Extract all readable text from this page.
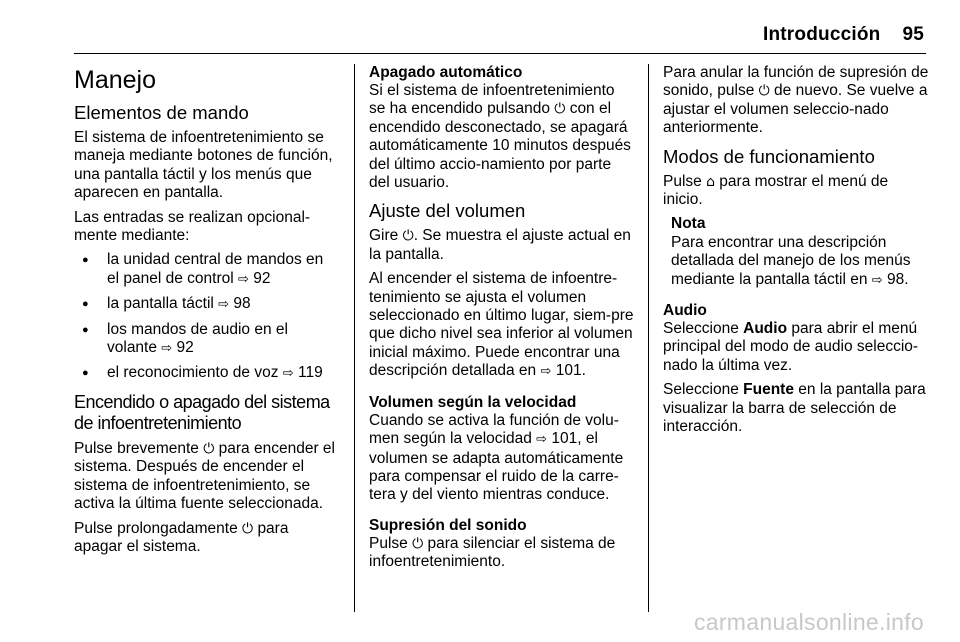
Introducción 95
Manejo
Elementos de mando

El sistema de infoentretenimiento se maneja mediante botones de función, una pantalla táctil y los menús que aparecen en pantalla.

Las entradas se realizan opcional-mente mediante:

● la unidad central de mandos en el panel de control ⇨ 92
● la pantalla táctil ⇨ 98
● los mandos de audio en el volante ⇨ 92
● el reconocimiento de voz ⇨ 119
Encendido o apagado del sistema de infoentretenimiento

Pulse brevemente ⏻ para encender el sistema. Después de encender el sistema de infoentretenimiento, se activa la última fuente seleccionada.

Pulse prolongadamente ⏻ para apagar el sistema.

Apagado automático

Si el sistema de infoentretenimiento se ha encendido pulsando ⏻ con el encendido desconectado, se apagará automáticamente 10 minutos después del último accio-namiento por parte del usuario.

Ajuste del volumen

Gire ⏻. Se muestra el ajuste actual en la pantalla.

Al encender el sistema de infoentre-tenimiento se ajusta el volumen seleccionado en último lugar, siem-pre que dicho nivel sea inferior al volumen inicial máximo. Puede encontrar una descripción detallada en ⇨ 101.

Volumen según la velocidad

Cuando se activa la función de volu-men según la velocidad ⇨ 101, el volumen se adapta automáticamente para compensar el ruido de la carre-tera y del viento mientras conduce.

Supresión del sonido

Pulse ⏻ para silenciar el sistema de infoentretenimiento.

Para anular la función de supresión de sonido, pulse ⏻ de nuevo. Se vuelve a ajustar el volumen seleccio-nado anteriormente.

Modos de funcionamiento

Pulse ⌂ para mostrar el menú de inicio.

Nota
Para encontrar una descripción detallada del manejo de los menús mediante la pantalla táctil en ⇨ 98.
Audio

Seleccione Audio para abrir el menú principal del modo de audio seleccio-nado la última vez.

Seleccione Fuente en la pantalla para visualizar la barra de selección de interacción.

carmanualsonline.info
